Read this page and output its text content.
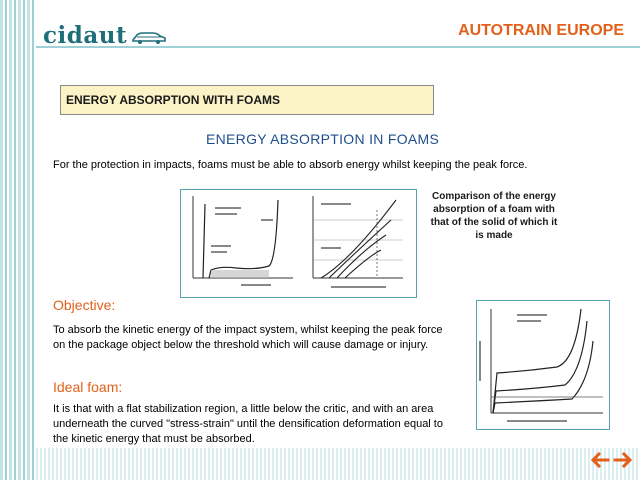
cidaut	AUTOTRAIN EUROPE
ENERGY ABSORPTION WITH FOAMS
ENERGY ABSORPTION IN FOAMS
For the protection in impacts, foams must be able to absorb energy whilst keeping the peak force.
Comparison of the energy absorption of a foam with that of the solid of which it is made
Objective:
To absorb the kinetic energy of the impact system, whilst keeping the peak force on the package object below the threshold which will cause damage or injury.
Ideal foam:
It is that with a flat stabilization region, a little below the critic, and with an area underneath the curved "stress-strain" until the densification deformation equal to the kinetic energy that must be absorbed.
